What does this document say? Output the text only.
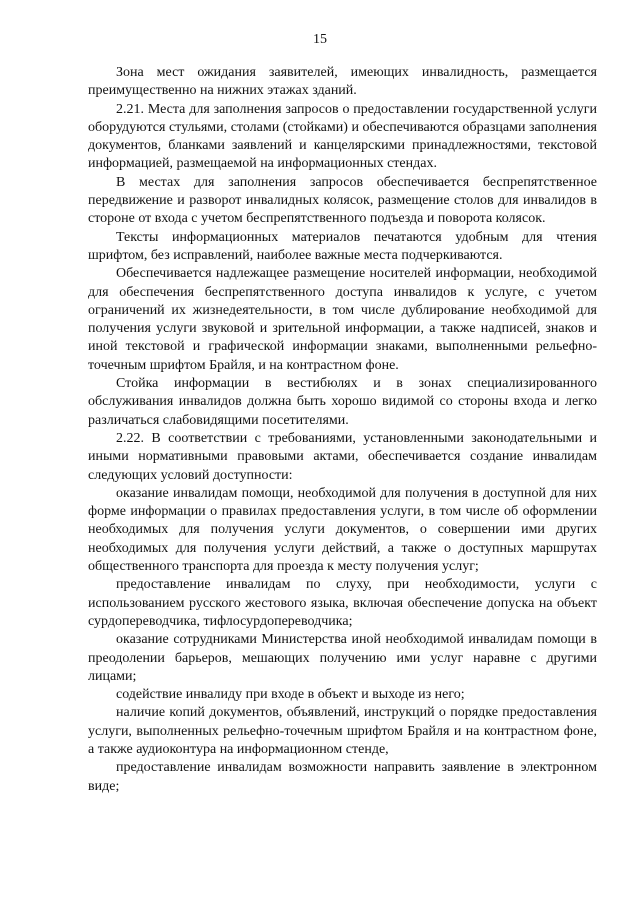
15

Зона мест ожидания заявителей, имеющих инвалидность, размещается преимущественно на нижних этажах зданий.

2.21. Места для заполнения запросов о предоставлении государственной услуги оборудуются стульями, столами (стойками) и обеспечиваются образцами заполнения документов, бланками заявлений и канцелярскими принадлежностями, текстовой информацией, размещаемой на информационных стендах.

В местах для заполнения запросов обеспечивается беспрепятственное передвижение и разворот инвалидных колясок, размещение столов для инвалидов в стороне от входа с учетом беспрепятственного подъезда и поворота колясок.

Тексты информационных материалов печатаются удобным для чтения шрифтом, без исправлений, наиболее важные места подчеркиваются.

Обеспечивается надлежащее размещение носителей информации, необходимой для обеспечения беспрепятственного доступа инвалидов к услуге, с учетом ограничений их жизнедеятельности, в том числе дублирование необходимой для получения услуги звуковой и зрительной информации, а также надписей, знаков и иной текстовой и графической информации знаками, выполненными рельефно-точечным шрифтом Брайля, и на контрастном фоне.

Стойка информации в вестибюлях и в зонах специализированного обслуживания инвалидов должна быть хорошо видимой со стороны входа и легко различаться слабовидящими посетителями.

2.22. В соответствии с требованиями, установленными законодательными и иными нормативными правовыми актами, обеспечивается создание инвалидам следующих условий доступности:

оказание инвалидам помощи, необходимой для получения в доступной для них форме информации о правилах предоставления услуги, в том числе об оформлении необходимых для получения услуги документов, о совершении ими других необходимых для получения услуги действий, а также о доступных маршрутах общественного транспорта для проезда к месту получения услуг;

предоставление инвалидам по слуху, при необходимости, услуги с использованием русского жестового языка, включая обеспечение допуска на объект сурдопереводчика, тифлосурдопереводчика;

оказание сотрудниками Министерства иной необходимой инвалидам помощи в преодолении барьеров, мешающих получению ими услуг наравне с другими лицами;

содействие инвалиду при входе в объект и выходе из него;

наличие копий документов, объявлений, инструкций о порядке предоставления услуги, выполненных рельефно-точечным шрифтом Брайля и на контрастном фоне, а также аудиоконтура на информационном стенде,

предоставление инвалидам возможности направить заявление в электронном виде;
